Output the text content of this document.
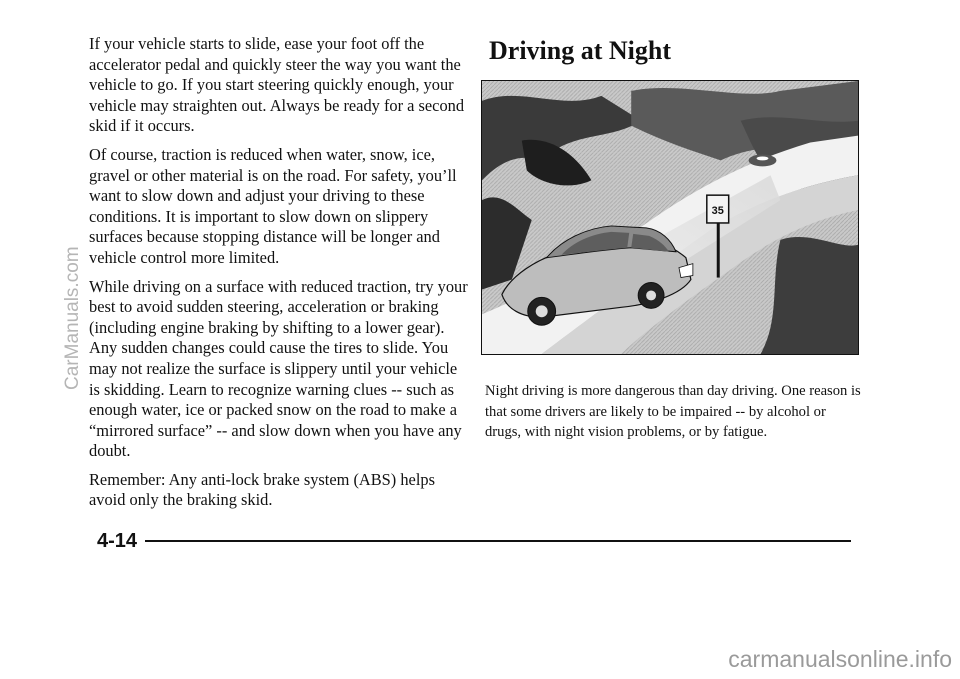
If your vehicle starts to slide, ease your foot off the accelerator pedal and quickly steer the way you want the vehicle to go. If you start steering quickly enough, your vehicle may straighten out. Always be ready for a second skid if it occurs.

Of course, traction is reduced when water, snow, ice, gravel or other material is on the road. For safety, you’ll want to slow down and adjust your driving to these conditions. It is important to slow down on slippery surfaces because stopping distance will be longer and vehicle control more limited.

While driving on a surface with reduced traction, try your best to avoid sudden steering, acceleration or braking (including engine braking by shifting to a lower gear). Any sudden changes could cause the tires to slide. You may not realize the surface is slippery until your vehicle is skidding. Learn to recognize warning clues -- such as enough water, ice or packed snow on the road to make a “mirrored surface” -- and slow down when you have any doubt.

Remember: Any anti-lock brake system (ABS) helps avoid only the braking skid.

Driving at Night
35

Night driving is more dangerous than day driving. One reason is that some drivers are likely to be impaired -- by alcohol or drugs, with night vision problems, or by fatigue.

4-14

CarManuals.com

carmanualsonline.info
